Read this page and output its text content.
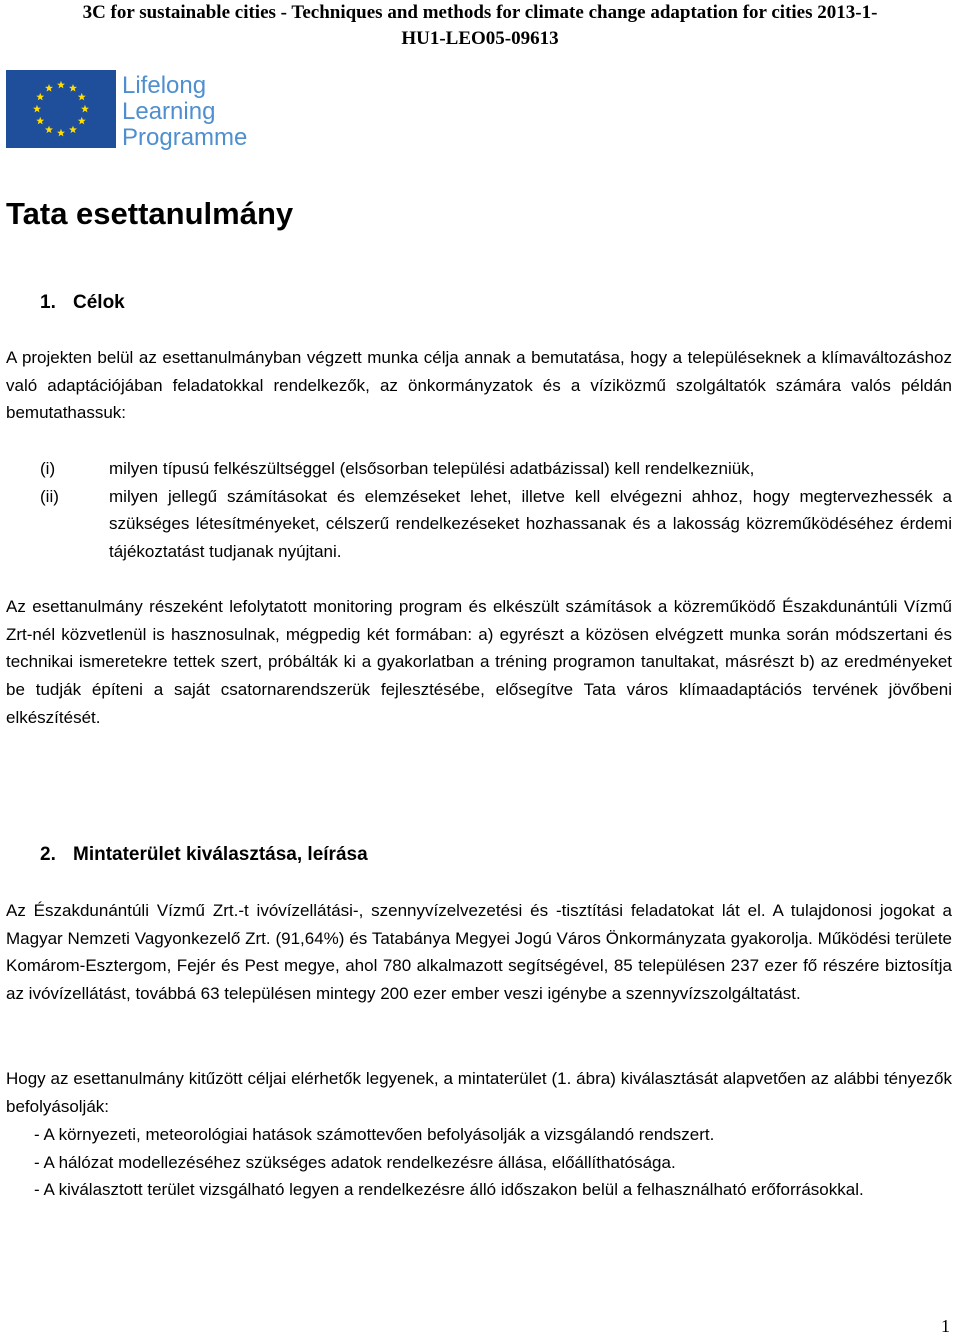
3C for sustainable cities - Techniques and methods for climate change adaptation for cities 2013-1-
HU1-LEO05-09613
Lifelong
Learning
Programme
Tata esettanulmány
1. Célok
A projekten belül az esettanulmányban végzett munka célja annak a bemutatása, hogy a településeknek a klímaváltozáshoz való adaptációjában feladatokkal rendelkezők, az önkormányzatok és a víziközmű szolgáltatók számára valós példán bemutathassuk:
(i)	milyen típusú felkészültséggel (elsősorban települési adatbázissal) kell rendelkezniük,
(ii)	milyen jellegű számításokat és elemzéseket lehet, illetve kell elvégezni ahhoz, hogy megtervezhessék a szükséges létesítményeket, célszerű rendelkezéseket hozhassanak és a lakosság közreműködéséhez érdemi tájékoztatást tudjanak nyújtani.
Az esettanulmány részeként lefolytatott monitoring program és elkészült számítások a közreműködő Északdunántúli Vízmű Zrt-nél közvetlenül is hasznosulnak, mégpedig két formában: a) egyrészt a közösen elvégzett munka során módszertani és technikai ismeretekre tettek szert, próbálták ki a gyakorlatban a tréning programon tanultakat, másrészt b) az eredményeket be tudják építeni a saját csatornarendszerük fejlesztésébe, elősegítve Tata város klímaadaptációs tervének jövőbeni elkészítését.
2. Mintaterület kiválasztása, leírása
Az Északdunántúli Vízmű Zrt.-t ivóvízellátási-, szennyvízelvezetési és -tisztítási feladatokat lát el. A tulajdonosi jogokat a Magyar Nemzeti Vagyonkezelő Zrt. (91,64%) és Tatabánya Megyei Jogú Város Önkormányzata gyakorolja. Működési területe Komárom-Esztergom, Fejér és Pest megye, ahol 780 alkalmazott segítségével, 85 településen 237 ezer fő részére biztosítja az ivóvízellátást, továbbá 63 településen mintegy 200 ezer ember veszi igénybe a szennyvízszolgáltatást.
Hogy az esettanulmány kitűzött céljai elérhetők legyenek, a mintaterület (1. ábra) kiválasztását alapvetően az alábbi tényezők befolyásolják:
- A környezeti, meteorológiai hatások számottevően befolyásolják a vizsgálandó rendszert.
- A hálózat modellezéséhez szükséges adatok rendelkezésre állása, előállíthatósága.
- A kiválasztott terület vizsgálható legyen a rendelkezésre álló időszakon belül a felhasználható erőforrásokkal.
1
